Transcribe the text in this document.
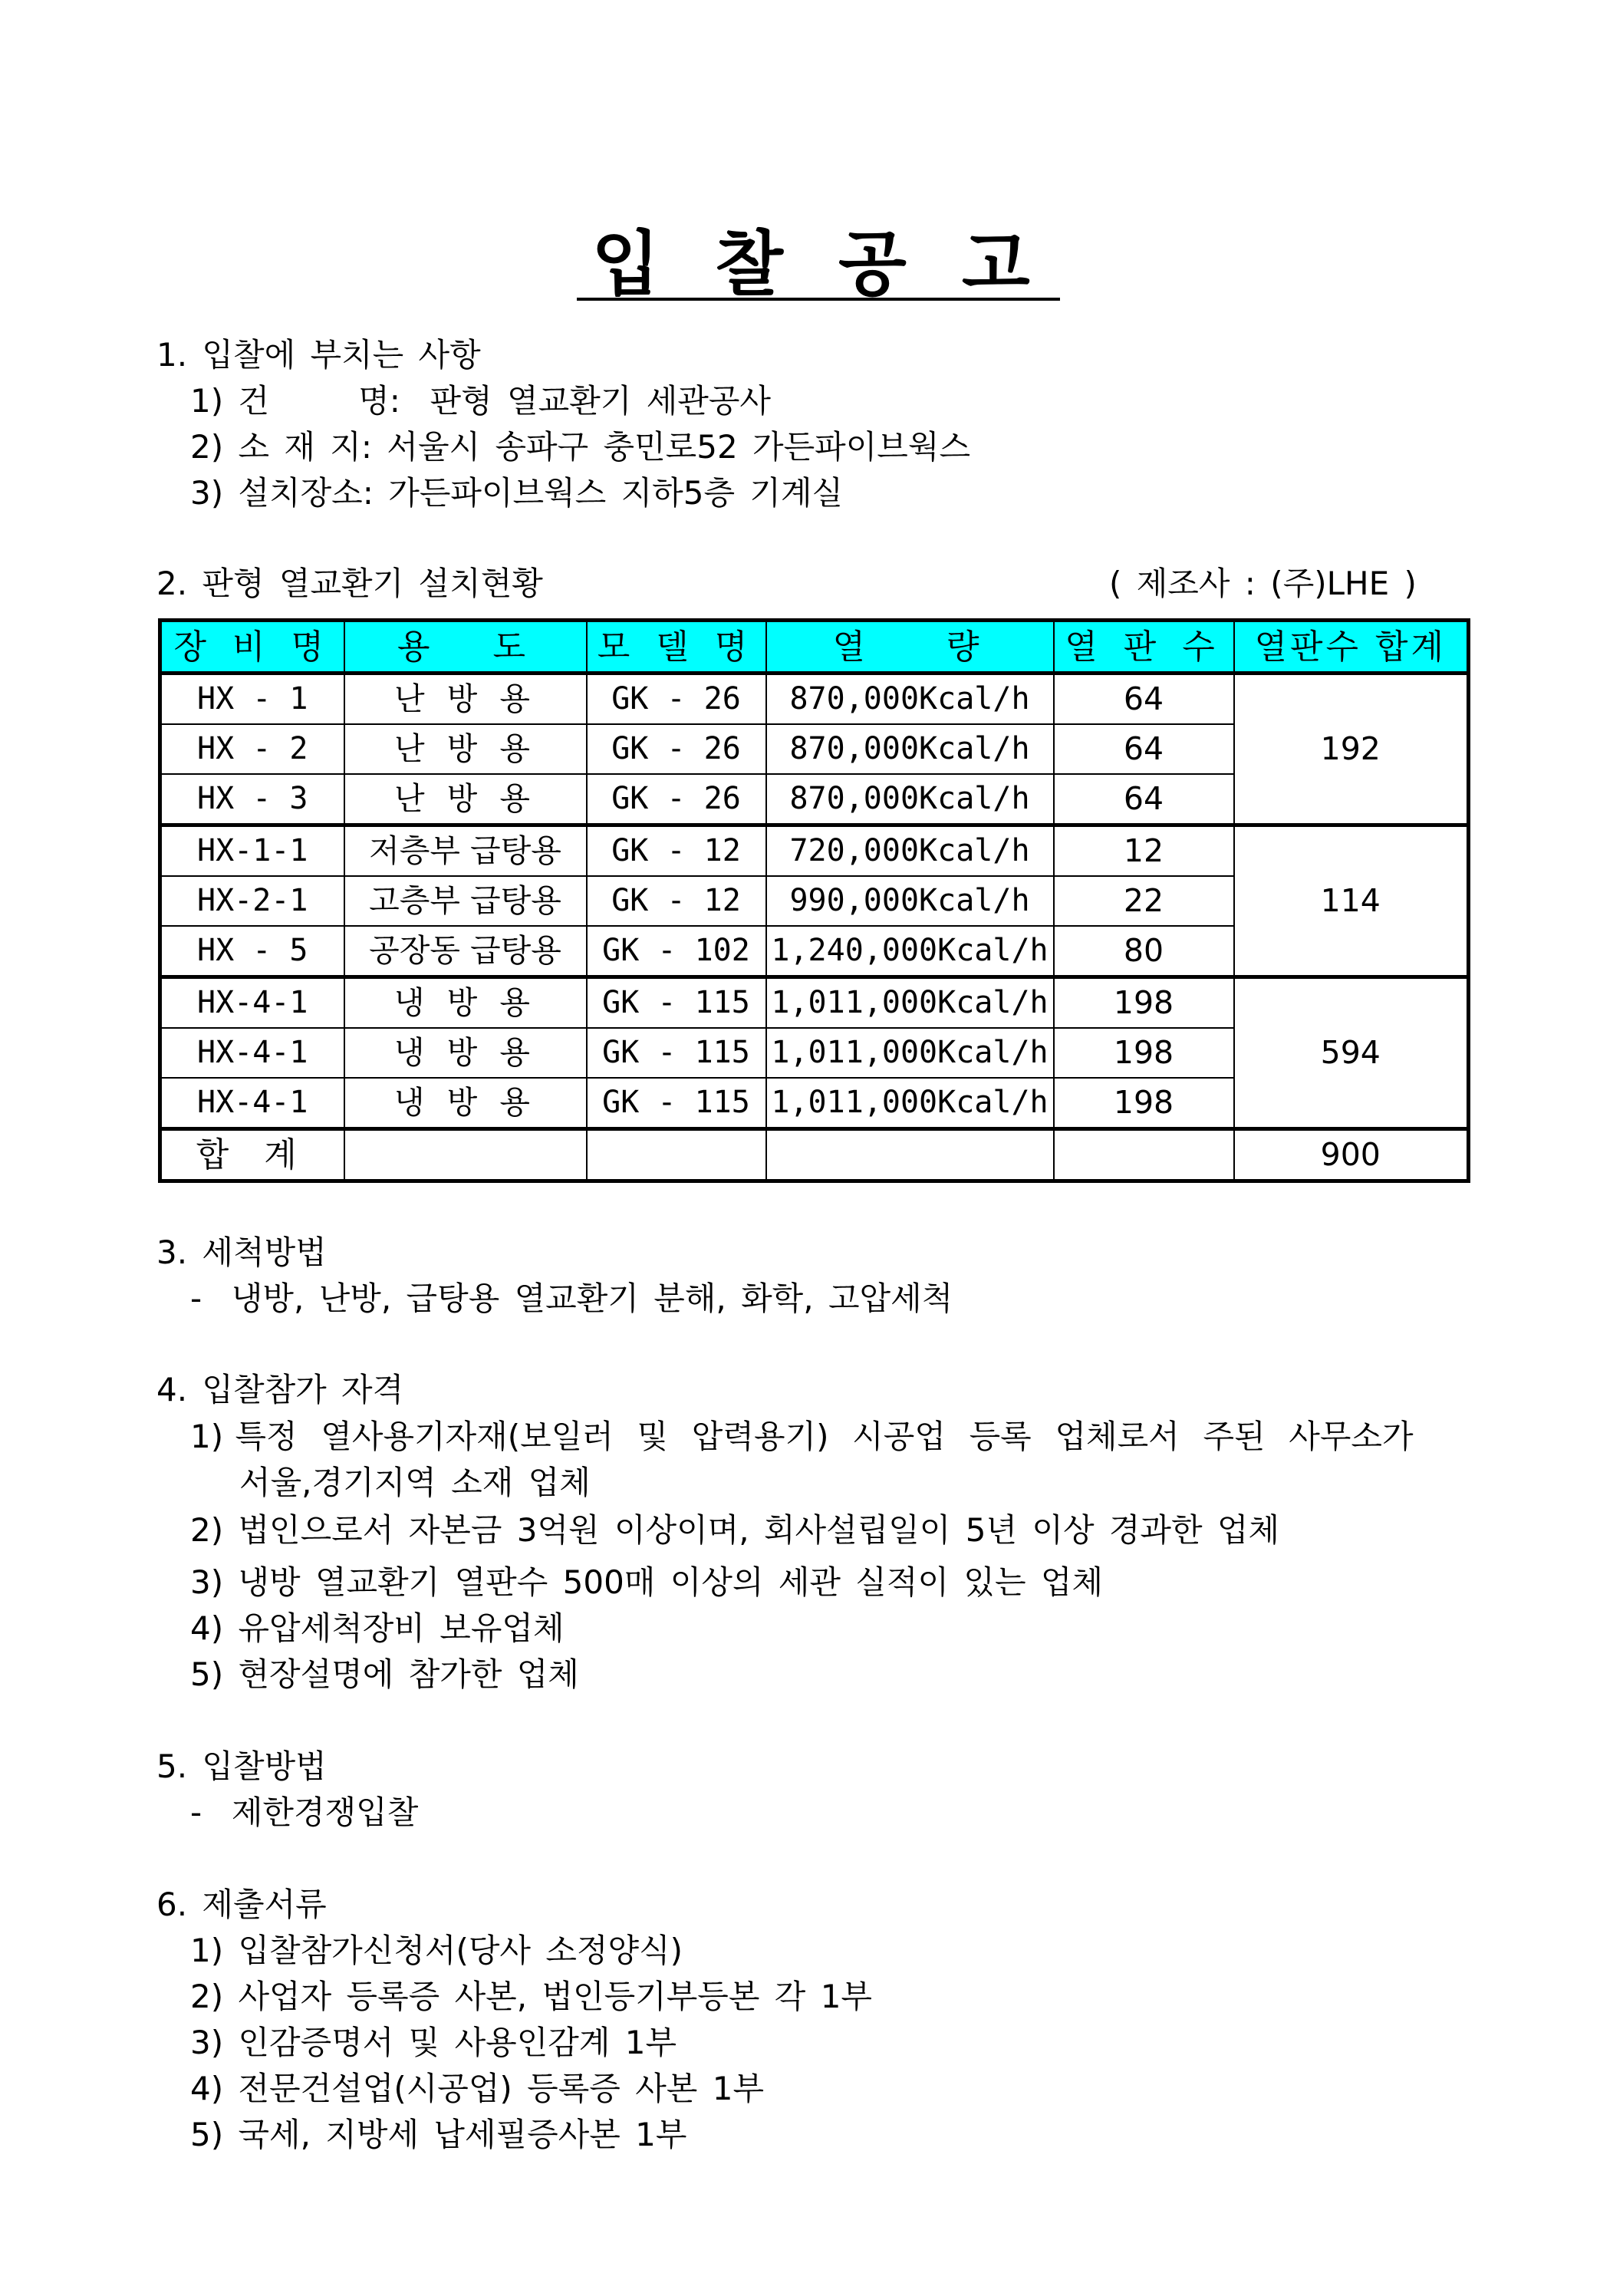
입 찰 공 고
1. 입찰에 부치는 사항
1) 건      명:  판형 열교환기 세관공사
2) 소 재 지: 서울시 송파구 충민로52 가든파이브웍스
3) 설치장소: 가든파이브웍스 지하5층 기계실
2. 판형 열교환기 설치현황	( 제조사 : (주)LHE )
장 비 명	용   도	모 델 명	열    량	열 판 수	열판수 합계
HX - 1	난 방 용	GK - 26	870,000Kcal/h	64	192
HX - 2	난 방 용	GK - 26	870,000Kcal/h	64	
HX - 3	난 방 용	GK - 26	870,000Kcal/h	64	
HX-1-1	저층부 급탕용	GK - 12	720,000Kcal/h	12	114
HX-2-1	고층부 급탕용	GK - 12	990,000Kcal/h	22	
HX - 5	공장동 급탕용	GK - 102	1,240,000Kcal/h	80	
HX-4-1	냉 방 용	GK - 115	1,011,000Kcal/h	198	594
HX-4-1	냉 방 용	GK - 115	1,011,000Kcal/h	198	
HX-4-1	냉 방 용	GK - 115	1,011,000Kcal/h	198	
합 계					900
3. 세척방법
-  냉방, 난방, 급탕용 열교환기 분해, 화학, 고압세척
4. 입찰참가 자격
1) 특정  열사용기자재(보일러  및  압력용기)  시공업  등록  업체로서  주된  사무소가
서울,경기지역 소재 업체
2) 법인으로서 자본금 3억원 이상이며, 회사설립일이 5년 이상 경과한 업체
3) 냉방 열교환기 열판수 500매 이상의 세관 실적이 있는 업체
4) 유압세척장비 보유업체
5) 현장설명에 참가한 업체
5. 입찰방법
-  제한경쟁입찰
6. 제출서류
1) 입찰참가신청서(당사 소정양식)
2) 사업자 등록증 사본, 법인등기부등본 각 1부
3) 인감증명서 및 사용인감계 1부
4) 전문건설업(시공업) 등록증 사본 1부
5) 국세, 지방세 납세필증사본 1부
